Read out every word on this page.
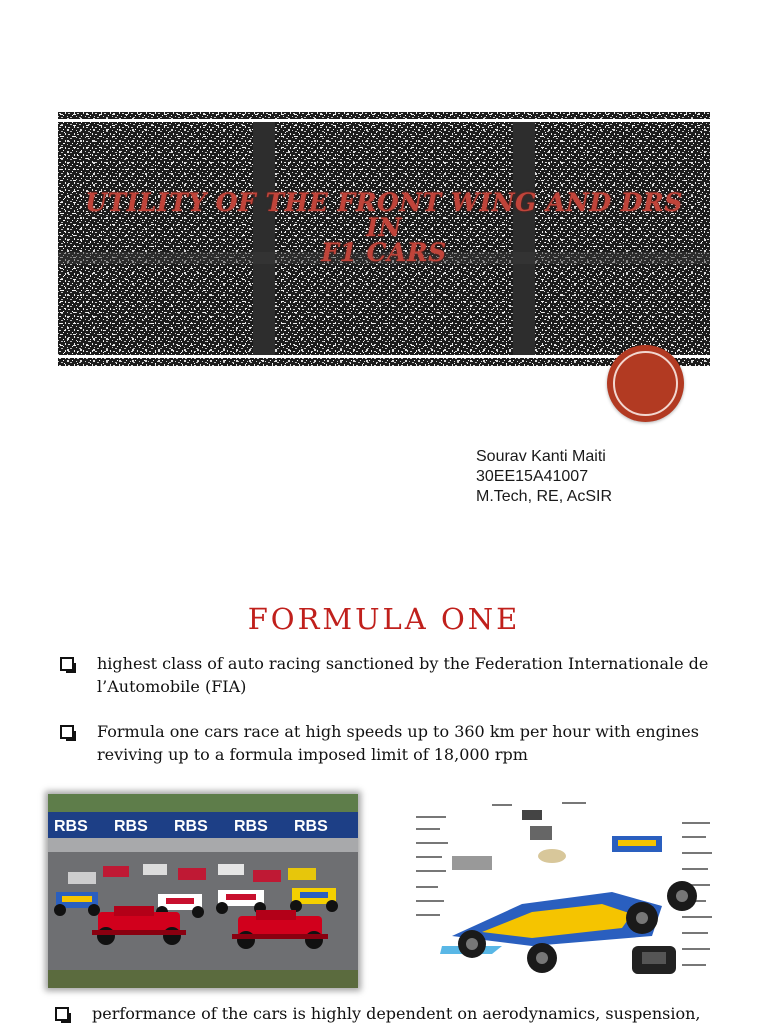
UTILITY OF THE FRONT WING AND DRS IN
F1 CARS
Sourav Kanti Maiti
30EE15A41007
M.Tech, RE, AcSIR
FORMULA ONE
highest class of auto racing sanctioned by the Federation Internationale de l’Automobile (FIA)
Formula one cars race at high speeds up to 360 km per hour with engines reviving up to a formula imposed limit of 18,000 rpm
RBS RBS RBS RBS RBS
performance of the cars is highly dependent on aerodynamics, suspension,
